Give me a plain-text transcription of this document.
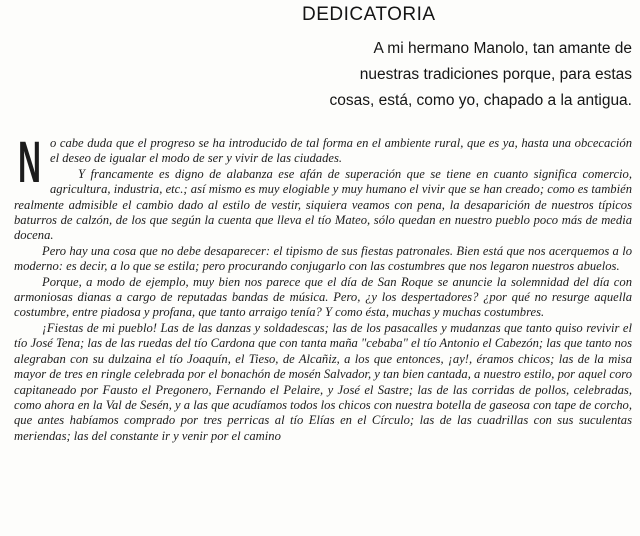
DEDICATORIA
A mi hermano Manolo, tan amante de
nuestras tradiciones porque, para estas
cosas, está, como yo, chapado a la antigua.

No cabe duda que el progreso se ha introducido de tal forma en el ambiente rural, que es ya, hasta una obcecación el deseo de igualar el modo de ser y vivir de las ciudades.

Y francamente es digno de alabanza ese afán de superación que se tiene en cuanto significa comercio, agricultura, industria, etc.; así mismo es muy elogiable y muy humano el vivir que se han creado; como es también realmente admisible el cambio dado al estilo de vestir, siquiera veamos con pena, la desaparición de nuestros típicos baturros de calzón, de los que según la cuenta que lleva el tío Mateo, sólo quedan en nuestro pueblo poco más de media docena.

Pero hay una cosa que no debe desaparecer: el tipismo de sus fiestas patronales. Bien está que nos acerquemos a lo moderno: es decir, a lo que se estila; pero procurando conjugarlo con las costumbres que nos legaron nuestros abuelos.

Porque, a modo de ejemplo, muy bien nos parece que el día de San Roque se anuncie la solemnidad del día con armoniosas dianas a cargo de reputadas bandas de música. Pero, ¿y los despertadores? ¿por qué no resurge aquella costumbre, entre piadosa y profana, que tanto arraigo tenía? Y como ésta, muchas y muchas costumbres.

¡Fiestas de mi pueblo! Las de las danzas y soldadescas; las de los pasacalles y mudanzas que tanto quiso revivir el tío José Tena; las de las ruedas del tío Cardona que con tanta maña "cebaba" el tío Antonio el Cabezón; las que tanto nos alegraban con su dulzaina el tío Joaquín, el Tieso, de Alcañiz, a los que entonces, ¡ay!, éramos chicos; las de la misa mayor de tres en ringle celebrada por el bonachón de mosén Salvador, y tan bien cantada, a nuestro estilo, por aquel coro capitaneado por Fausto el Pregonero, Fernando el Pelaire, y José el Sastre; las de las corridas de pollos, celebradas, como ahora en la Val de Sesén, y a las que acudíamos todos los chicos con nuestra botella de gaseosa con tape de corcho, que antes habíamos comprado por tres perricas al tío Elías en el Círculo; las de las cuadrillas con sus suculentas meriendas; las del constante ir y venir por el camino
